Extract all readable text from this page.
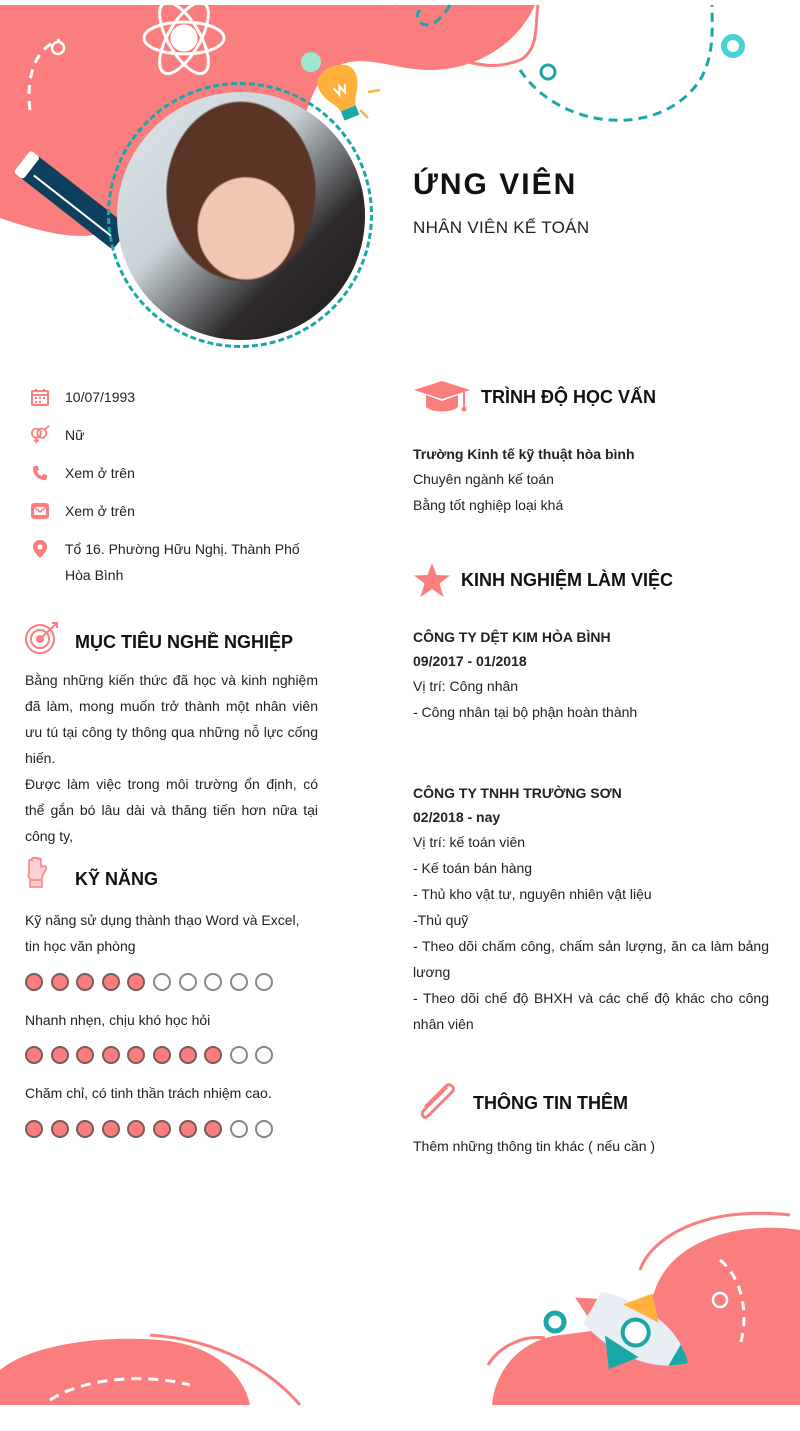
ỨNG VIÊN
NHÂN VIÊN KẾ TOÁN
10/07/1993
Nữ
Xem ở trên
Xem ở trên
Tổ 16. Phường Hữu Nghị. Thành Phố Hòa Bình
MỤC TIÊU NGHỀ NGHIỆP
Bằng những kiến thức đã học và kinh nghiệm đã làm, mong muốn trở thành một nhân viên ưu tú tại công ty thông qua những nỗ lực cống hiến.
Được làm việc trong môi trường ổn định, có thể gắn bó lâu dài và thăng tiến hơn nữa tại công ty,
KỸ NĂNG
Kỹ năng sử dụng thành thạo Word và Excel, tin học văn phòng
Nhanh nhẹn, chịu khó học hỏi
Chăm chỉ, có tinh thần trách nhiệm cao.
TRÌNH ĐỘ HỌC VẤN
Trường Kinh tế kỹ thuật hòa bình
Chuyên ngành kế toán
Bằng tốt nghiệp loại khá
KINH NGHIỆM LÀM VIỆC
CÔNG TY DỆT KIM HÒA BÌNH
09/2017 - 01/2018
Vị trí: Công nhân
- Công nhân tại bộ phận hoàn thành
CÔNG TY TNHH TRƯỜNG SƠN
02/2018 - nay
Vị trí: kế toán viên
- Kế toán bán hàng
- Thủ kho vật tư, nguyên nhiên vật liệu
-Thủ quỹ
- Theo dõi chấm công, chấm sản lượng, ăn ca làm bảng lương
- Theo dõi chế độ BHXH và các chế độ khác cho công nhân viên
THÔNG TIN THÊM
Thêm những thông tin khác ( nếu cần )
